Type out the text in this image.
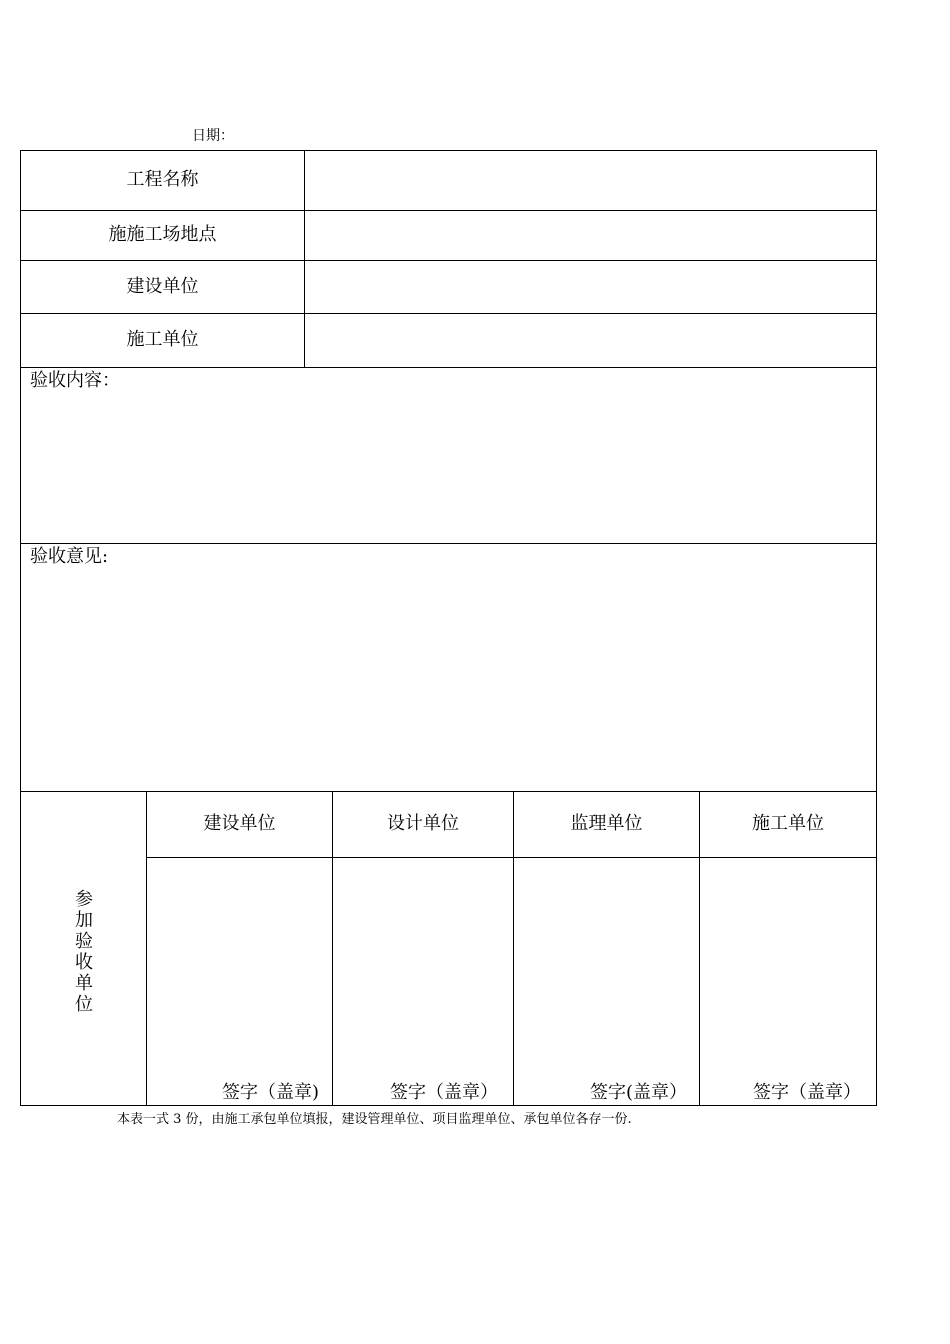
日期：
工程名称
施施工场地点
建设单位
施工单位
验收内容：
验收意见:
参加验收单位
建设单位	设计单位	监理单位	施工单位
签字（盖章)	签字（盖章）	签字(盖章）	签字（盖章）
本表一式 3 份，由施工承包单位填报，建设管理单位、项目监理单位、承包单位各存一份.
